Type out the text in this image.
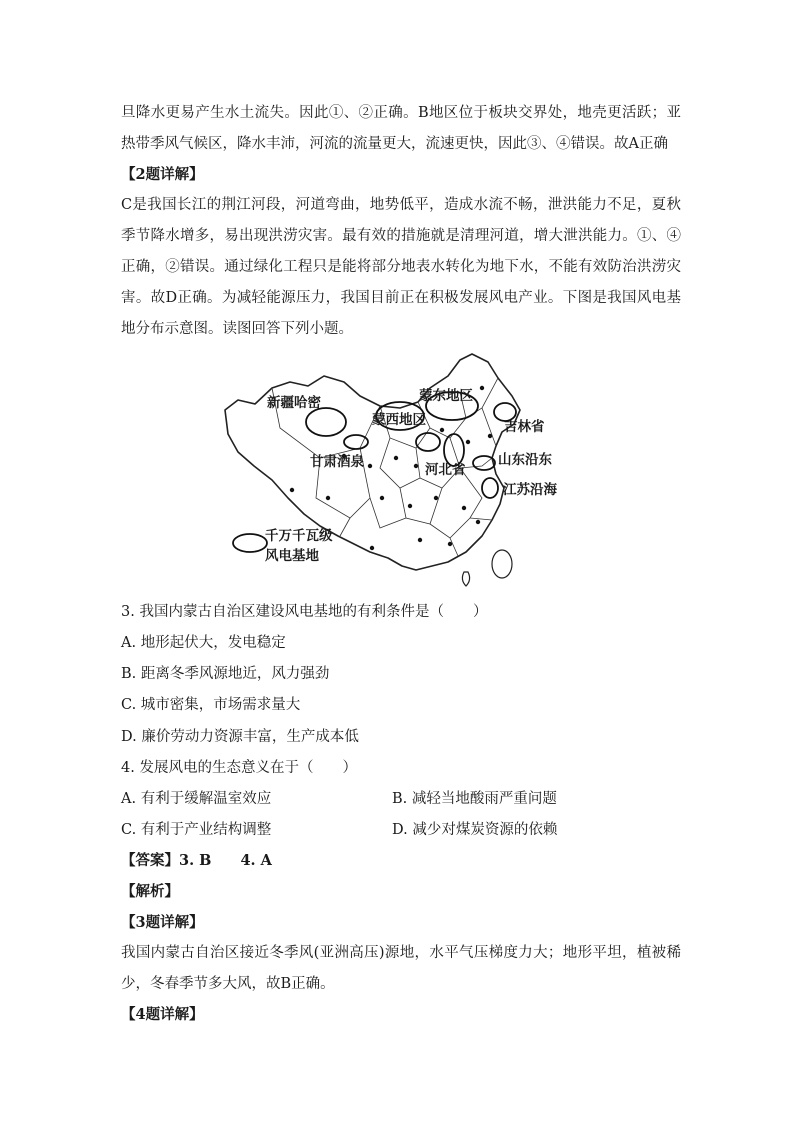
旦降水更易产生水土流失。因此①、②正确。B地区位于板块交界处，地壳更活跃；亚热带季风气候区，降水丰沛，河流的流量更大，流速更快，因此③、④错误。故A正确

【2题详解】

C是我国长江的荆江河段，河道弯曲，地势低平，造成水流不畅，泄洪能力不足，夏秋季节降水增多，易出现洪涝灾害。最有效的措施就是清理河道，增大泄洪能力。①、④正确，②错误。通过绿化工程只是能将部分地表水转化为地下水，不能有效防治洪涝灾害。故D正确。为减轻能源压力，我国目前正在积极发展风电产业。下图是我国风电基地分布示意图。读图回答下列小题。

新疆哈密	蒙东地区
蒙西地区	吉林省
甘肃酒泉	河北省
山东沿东
江苏沿海
千万千瓦级
风电基地
3. 我国内蒙古自治区建设风电基地的有利条件是（　　）
A. 地形起伏大，发电稳定
B. 距离冬季风源地近，风力强劲
C. 城市密集，市场需求量大
D. 廉价劳动力资源丰富，生产成本低
4. 发展风电的生态意义在于（　　）
A. 有利于缓解温室效应	B. 减轻当地酸雨严重问题
C. 有利于产业结构调整	D. 减少对煤炭资源的依赖
【答案】3. B　　4. A
【解析】
【3题详解】

我国内蒙古自治区接近冬季风(亚洲高压)源地，水平气压梯度力大；地形平坦，植被稀少，冬春季节多大风，故B正确。

【4题详解】
